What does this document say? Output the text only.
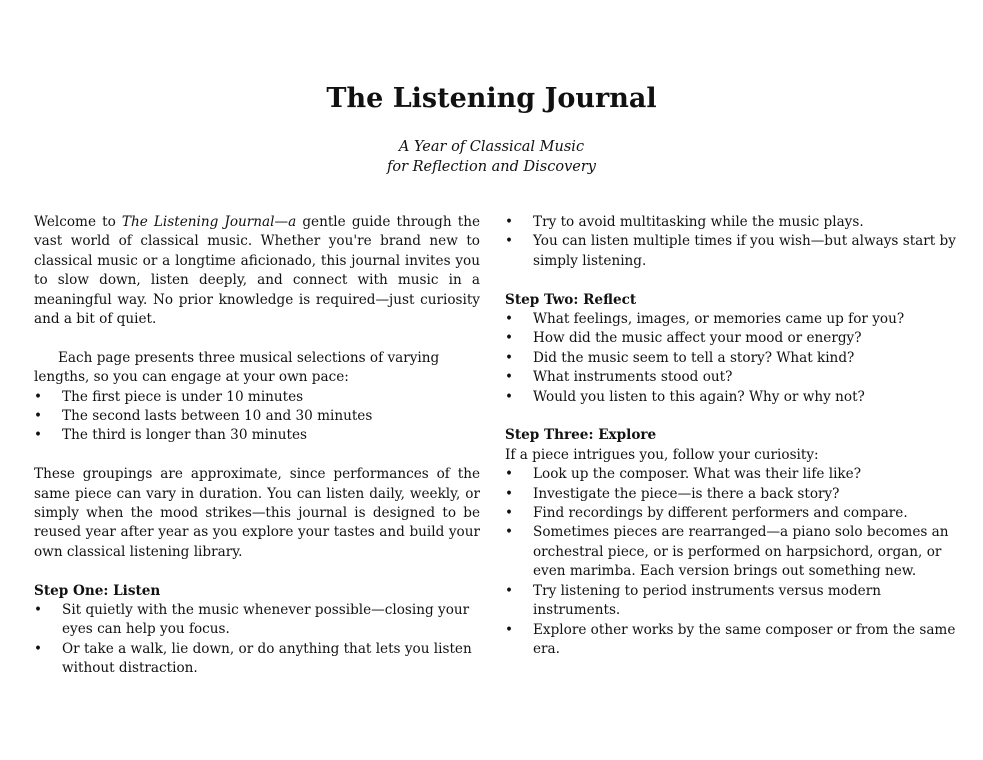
The Listening Journal
A Year of Classical Music
for Reflection and Discovery

Welcome to The Listening Journal—a gentle guide through the vast world of classical music. Whether you're brand new to classical music or a longtime aficionado, this journal invites you to slow down, listen deeply, and connect with music in a meaningful way. No prior knowledge is required—just curiosity and a bit of quiet.

Each page presents three musical selections of varying lengths, so you can engage at your own pace:

• The first piece is under 10 minutes
• The second lasts between 10 and 30 minutes
• The third is longer than 30 minutes

These groupings are approximate, since performances of the same piece can vary in duration. You can listen daily, weekly, or simply when the mood strikes—this journal is designed to be reused year after year as you explore your tastes and build your own classical listening library.

Step One: Listen

• Sit quietly with the music whenever possible—closing your eyes can help you focus.
• Or take a walk, lie down, or do anything that lets you listen without distraction.
• Try to avoid multitasking while the music plays.
• You can listen multiple times if you wish—but always start by simply listening.

Step Two: Reflect

• What feelings, images, or memories came up for you?
• How did the music affect your mood or energy?
• Did the music seem to tell a story? What kind?
• What instruments stood out?
• Would you listen to this again? Why or why not?

Step Three: Explore

If a piece intrigues you, follow your curiosity:

• Look up the composer. What was their life like?
• Investigate the piece—is there a back story?
• Find recordings by different performers and compare.
• Sometimes pieces are rearranged—a piano solo becomes an orchestral piece, or is performed on harpsichord, organ, or even marimba. Each version brings out something new.
• Try listening to period instruments versus modern instruments.
• Explore other works by the same composer or from the same era.
